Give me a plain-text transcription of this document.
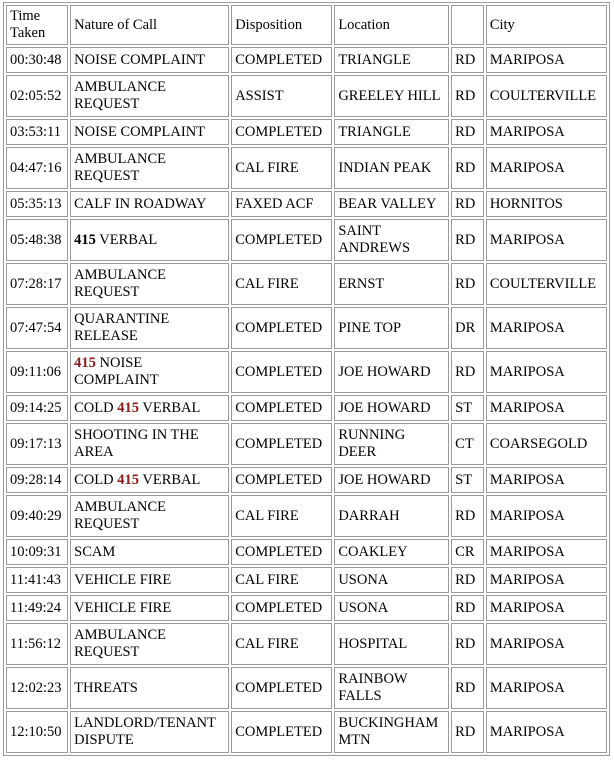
Time Taken	Nature of Call	Disposition	Location		City
00:30:48	NOISE COMPLAINT	COMPLETED	TRIANGLE	RD	MARIPOSA
02:05:52	AMBULANCE REQUEST	ASSIST	GREELEY HILL	RD	COULTERVILLE
03:53:11	NOISE COMPLAINT	COMPLETED	TRIANGLE	RD	MARIPOSA
04:47:16	AMBULANCE REQUEST	CAL FIRE	INDIAN PEAK	RD	MARIPOSA
05:35:13	CALF IN ROADWAY	FAXED ACF	BEAR VALLEY	RD	HORNITOS
05:48:38	415 VERBAL	COMPLETED	SAINT ANDREWS	RD	MARIPOSA
07:28:17	AMBULANCE REQUEST	CAL FIRE	ERNST	RD	COULTERVILLE
07:47:54	QUARANTINE RELEASE	COMPLETED	PINE TOP	DR	MARIPOSA
09:11:06	415 NOISE COMPLAINT	COMPLETED	JOE HOWARD	RD	MARIPOSA
09:14:25	COLD 415 VERBAL	COMPLETED	JOE HOWARD	ST	MARIPOSA
09:17:13	SHOOTING IN THE AREA	COMPLETED	RUNNING DEER	CT	COARSEGOLD
09:28:14	COLD 415 VERBAL	COMPLETED	JOE HOWARD	ST	MARIPOSA
09:40:29	AMBULANCE REQUEST	CAL FIRE	DARRAH	RD	MARIPOSA
10:09:31	SCAM	COMPLETED	COAKLEY	CR	MARIPOSA
11:41:43	VEHICLE FIRE	CAL FIRE	USONA	RD	MARIPOSA
11:49:24	VEHICLE FIRE	COMPLETED	USONA	RD	MARIPOSA
11:56:12	AMBULANCE REQUEST	CAL FIRE	HOSPITAL	RD	MARIPOSA
12:02:23	THREATS	COMPLETED	RAINBOW FALLS	RD	MARIPOSA
12:10:50	LANDLORD/TENANT DISPUTE	COMPLETED	BUCKINGHAM MTN	RD	MARIPOSA
